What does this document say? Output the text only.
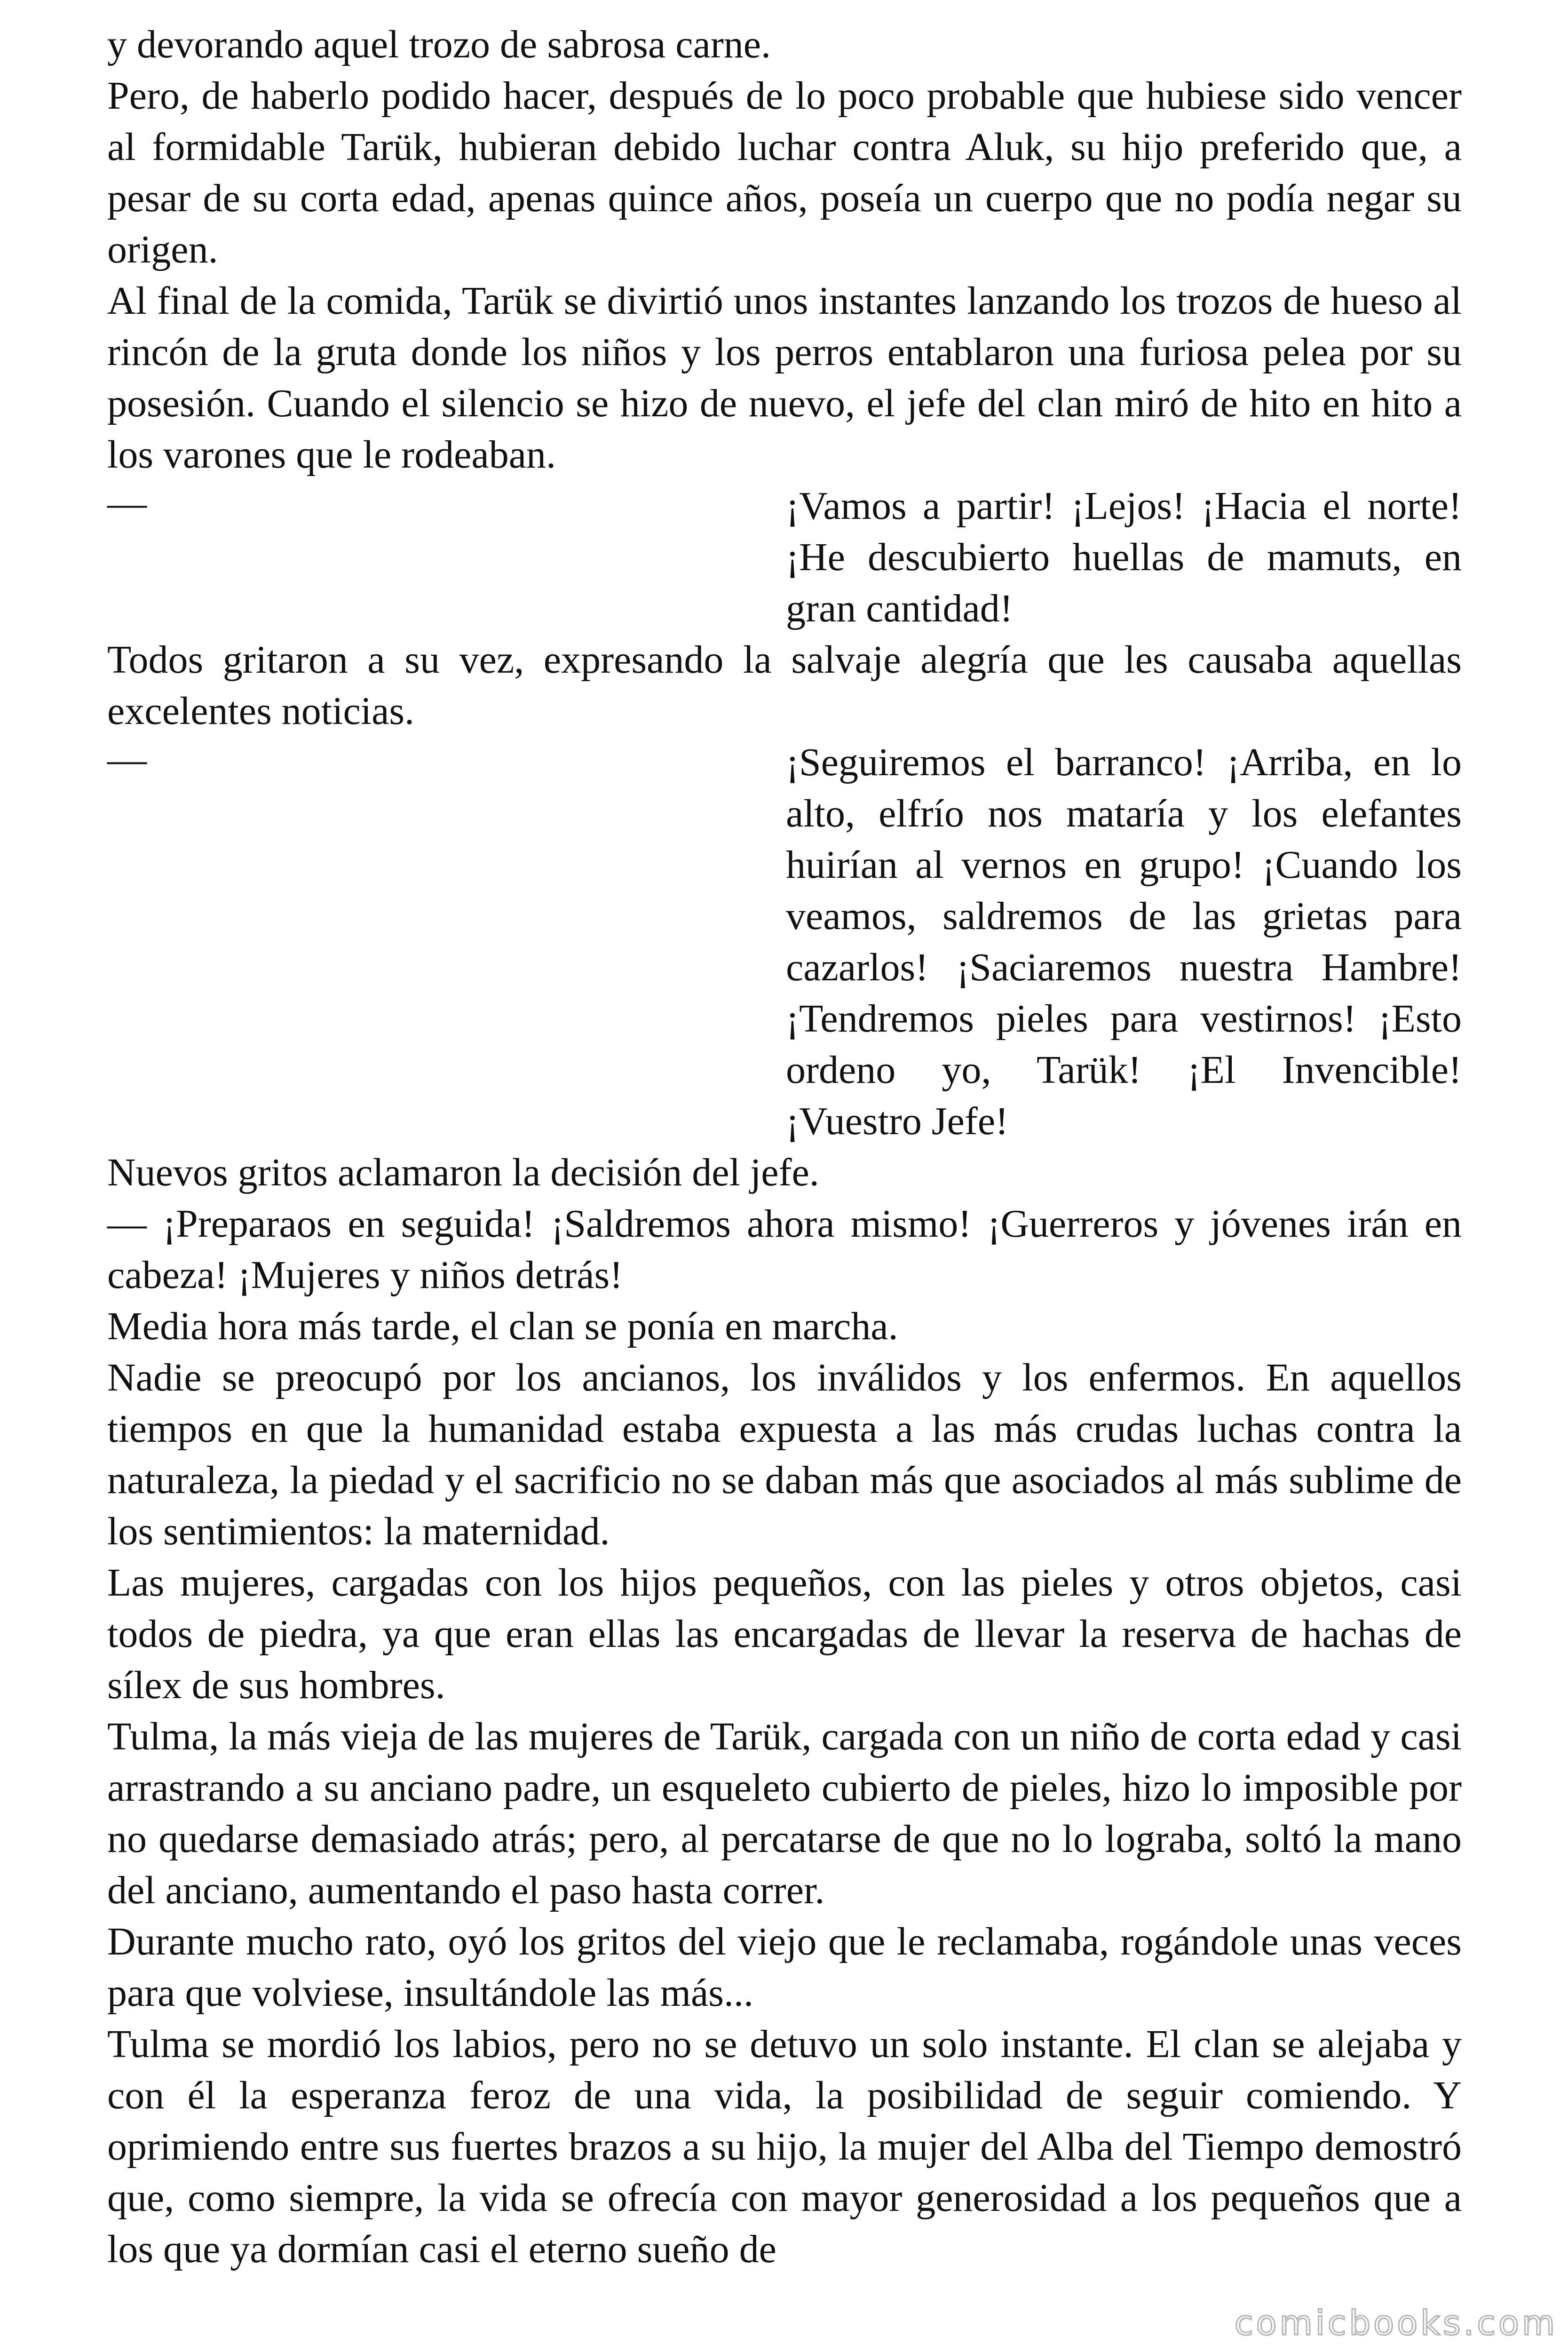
y devorando aquel trozo de sabrosa carne.

Pero, de haberlo podido hacer, después de lo poco probable que hubiese sido vencer al formidable Tarük, hubieran debido luchar contra Aluk, su hijo preferido que, a pesar de su corta edad, apenas quince años, poseía un cuerpo que no podía negar su origen.

Al final de la comida, Tarük se divirtió unos instantes lanzando los trozos de hueso al rincón de la gruta donde los niños y los perros entablaron una furiosa pelea por su posesión. Cuando el silencio se hizo de nuevo, el jefe del clan miró de hito en hito a los varones que le rodeaban.

—	¡Vamos a partir! ¡Lejos! ¡Hacia el norte! ¡He descubierto huellas de mamuts, en gran cantidad!

Todos gritaron a su vez, expresando la salvaje alegría que les causaba aquellas excelentes noticias.

—	¡Seguiremos el barranco! ¡Arriba, en lo alto, elfrío nos mataría y los elefantes huirían al vernos en grupo! ¡Cuando los veamos, saldremos de las grietas para cazarlos! ¡Saciaremos nuestra Hambre! ¡Tendremos pieles para vestirnos! ¡Esto ordeno yo, Tarük! ¡El Invencible! ¡Vuestro Jefe!

Nuevos gritos aclamaron la decisión del jefe.

— ¡Preparaos en seguida! ¡Saldremos ahora mismo! ¡Guerreros y jóvenes irán en cabeza! ¡Mujeres y niños detrás!

Media hora más tarde, el clan se ponía en marcha.

Nadie se preocupó por los ancianos, los inválidos y los enfermos. En aquellos tiempos en que la humanidad estaba expuesta a las más crudas luchas contra la naturaleza, la piedad y el sacrificio no se daban más que asociados al más sublime de los sentimientos: la maternidad.

Las mujeres, cargadas con los hijos pequeños, con las pieles y otros objetos, casi todos de piedra, ya que eran ellas las encargadas de llevar la reserva de hachas de sílex de sus hombres.

Tulma, la más vieja de las mujeres de Tarük, cargada con un niño de corta edad y casi arrastrando a su anciano padre, un esqueleto cubierto de pieles, hizo lo imposible por no quedarse demasiado atrás; pero, al percatarse de que no lo lograba, soltó la mano del anciano, aumentando el paso hasta correr.

Durante mucho rato, oyó los gritos del viejo que le reclamaba, rogándole unas veces para que volviese, insultándole las más...

Tulma se mordió los labios, pero no se detuvo un solo instante. El clan se alejaba y con él la esperanza feroz de una vida, la posibilidad de seguir comiendo. Y oprimiendo entre sus fuertes brazos a su hijo, la mujer del Alba del Tiempo demostró que, como siempre, la vida se ofrecía con mayor generosidad a los pequeños que a los que ya dormían casi el eterno sueño de

comicbooks.com
